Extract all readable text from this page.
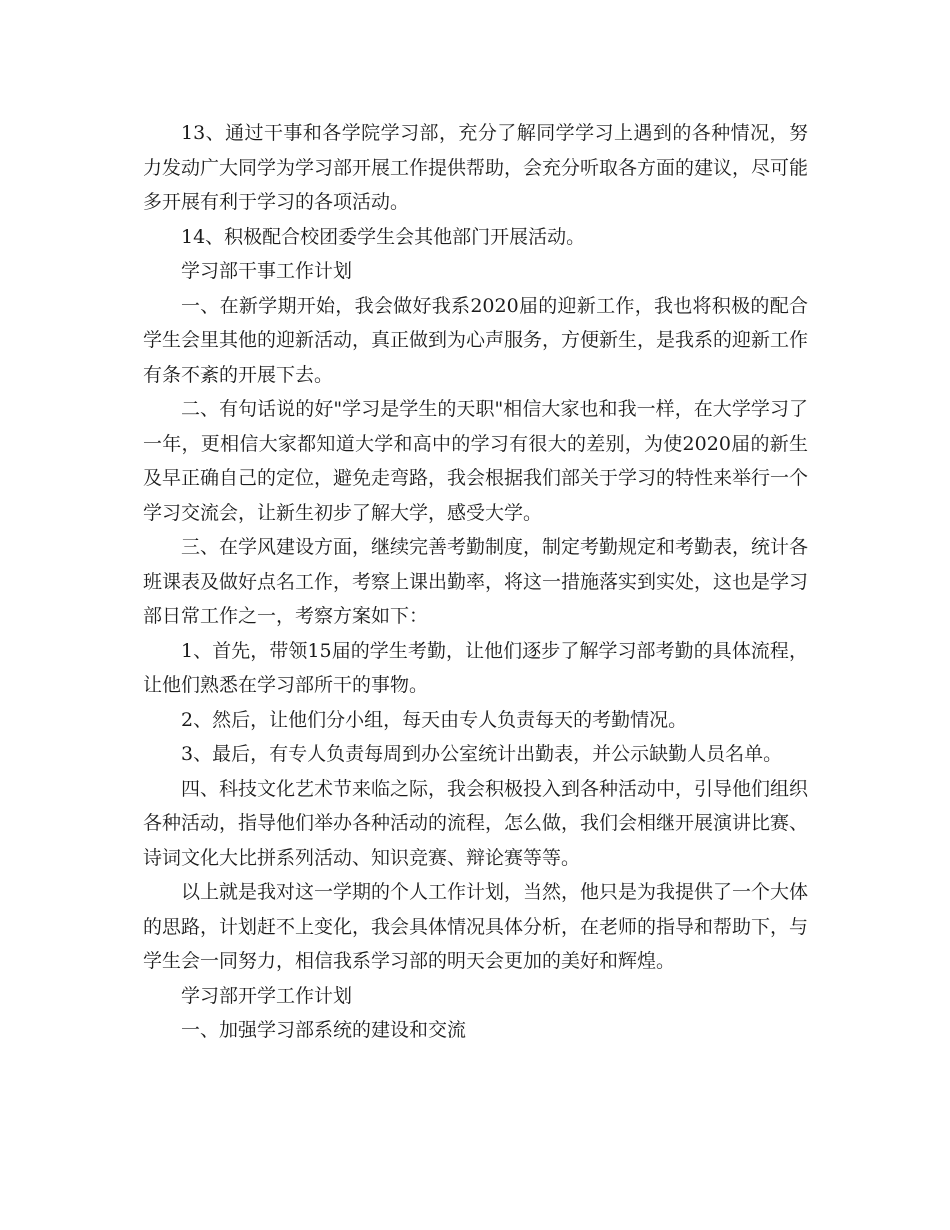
13、通过干事和各学院学习部，充分了解同学学习上遇到的各种情况，努力发动广大同学为学习部开展工作提供帮助，会充分听取各方面的建议，尽可能多开展有利于学习的各项活动。

14、积极配合校团委学生会其他部门开展活动。

学习部干事工作计划

一、在新学期开始，我会做好我系2020届的迎新工作，我也将积极的配合学生会里其他的迎新活动，真正做到为心声服务，方便新生，是我系的迎新工作有条不紊的开展下去。

二、有句话说的好"学习是学生的天职"相信大家也和我一样，在大学学习了一年，更相信大家都知道大学和高中的学习有很大的差别，为使2020届的新生及早正确自己的定位，避免走弯路，我会根据我们部关于学习的特性来举行一个学习交流会，让新生初步了解大学，感受大学。

三、在学风建设方面，继续完善考勤制度，制定考勤规定和考勤表，统计各班课表及做好点名工作，考察上课出勤率，将这一措施落实到实处，这也是学习部日常工作之一，考察方案如下：

1、首先，带领15届的学生考勤，让他们逐步了解学习部考勤的具体流程，让他们熟悉在学习部所干的事物。

2、然后，让他们分小组，每天由专人负责每天的考勤情况。

3、最后，有专人负责每周到办公室统计出勤表，并公示缺勤人员名单。

四、科技文化艺术节来临之际，我会积极投入到各种活动中，引导他们组织各种活动，指导他们举办各种活动的流程，怎么做，我们会相继开展演讲比赛、诗词文化大比拼系列活动、知识竞赛、辩论赛等等。

以上就是我对这一学期的个人工作计划，当然，他只是为我提供了一个大体的思路，计划赶不上变化，我会具体情况具体分析，在老师的指导和帮助下，与学生会一同努力，相信我系学习部的明天会更加的美好和辉煌。

学习部开学工作计划

一、加强学习部系统的建设和交流
